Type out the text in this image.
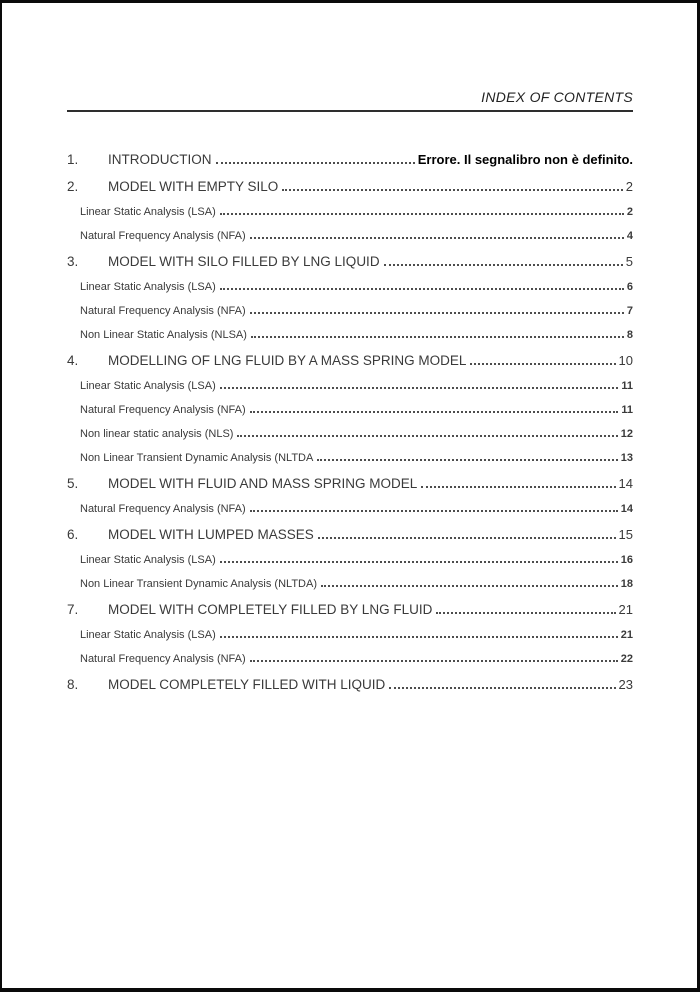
INDEX OF CONTENTS
1.	INTRODUCTION	Errore. Il segnalibro non è definito.
2.	MODEL WITH EMPTY SILO	2
Linear Static Analysis (LSA)	2
Natural Frequency Analysis (NFA)	4
3.	MODEL WITH SILO FILLED BY LNG LIQUID	5
Linear Static Analysis (LSA)	6
Natural Frequency Analysis (NFA)	7
Non Linear Static Analysis (NLSA)	8
4.	MODELLING OF LNG FLUID BY A MASS SPRING MODEL	10
Linear Static Analysis (LSA)	11
Natural Frequency Analysis (NFA)	11
Non linear static analysis (NLS)	12
Non Linear Transient Dynamic Analysis (NLTDA	13
5.	MODEL WITH FLUID AND MASS SPRING MODEL	14
Natural Frequency Analysis (NFA)	14
6.	MODEL WITH LUMPED MASSES	15
Linear Static Analysis (LSA)	16
Non Linear Transient Dynamic Analysis (NLTDA)	18
7.	MODEL WITH COMPLETELY FILLED BY LNG FLUID	21
Linear Static Analysis (LSA)	21
Natural Frequency Analysis (NFA)	22
8.	MODEL COMPLETELY FILLED WITH LIQUID	23
